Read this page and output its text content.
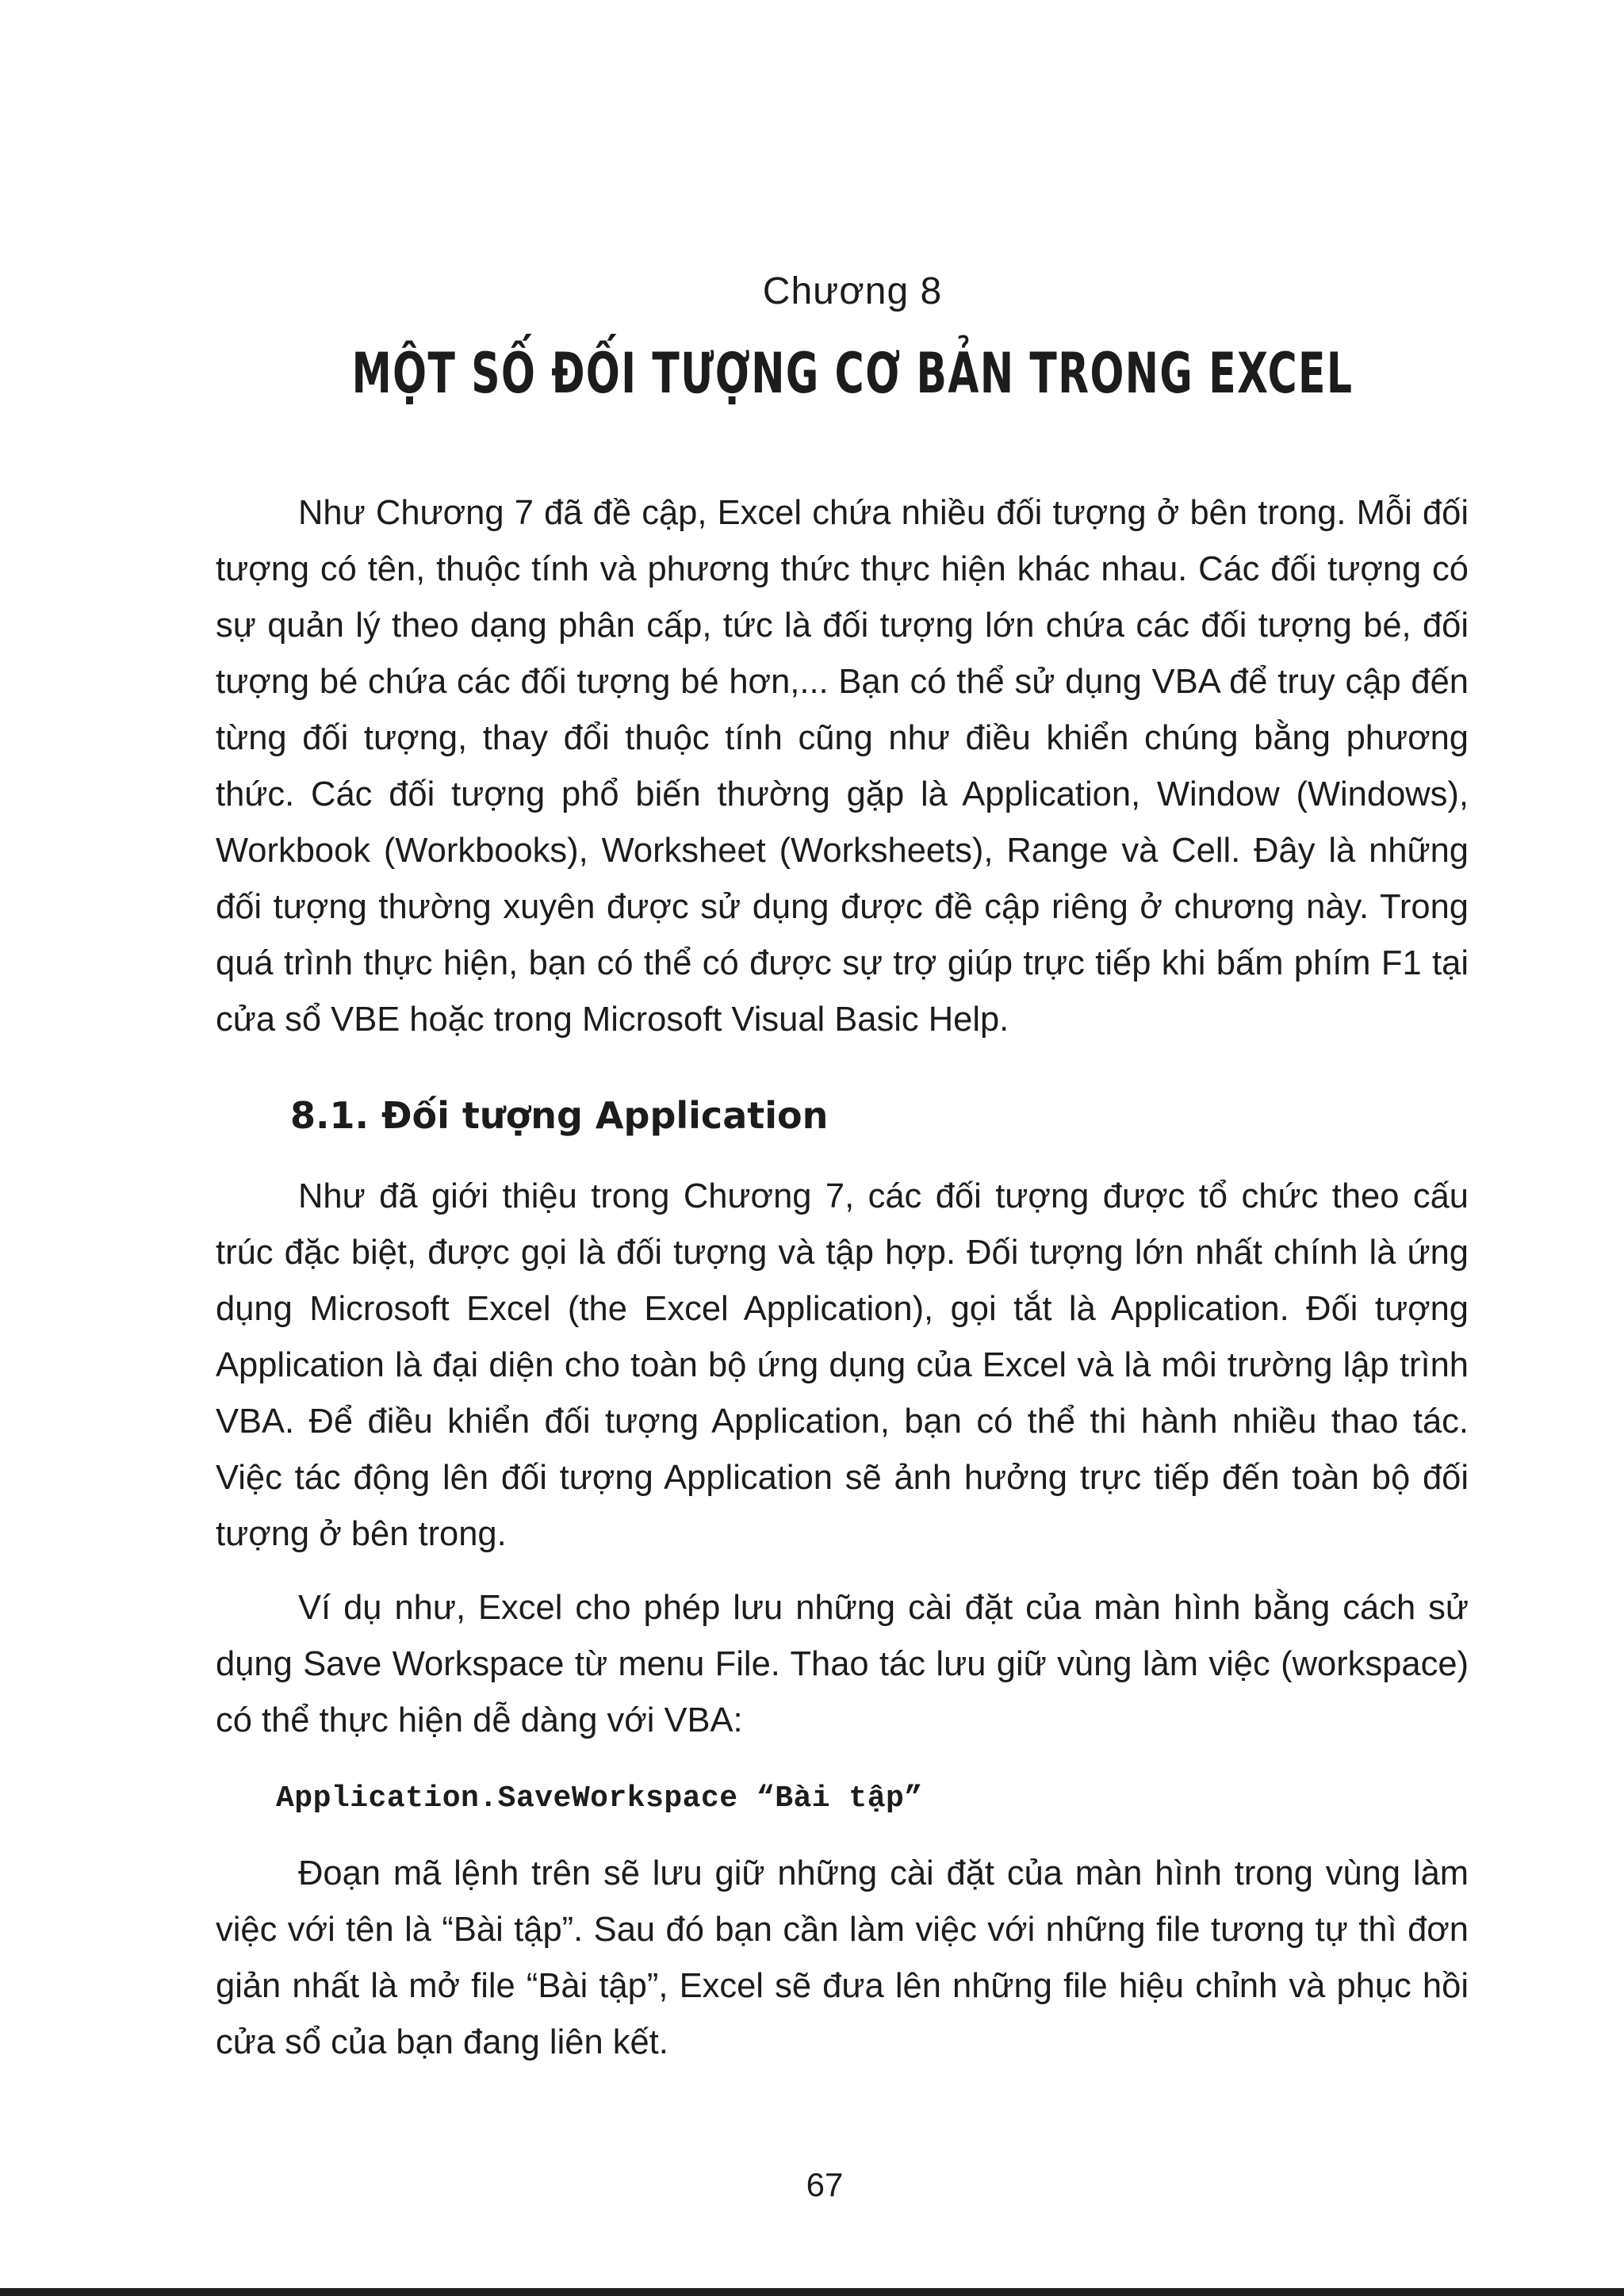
Chương 8
MỘT SỐ ĐỐI TƯỢNG CƠ BẢN TRONG EXCEL

Như Chương 7 đã đề cập, Excel chứa nhiều đối tượng ở bên trong. Mỗi đối tượng có tên, thuộc tính và phương thức thực hiện khác nhau. Các đối tượng có sự quản lý theo dạng phân cấp, tức là đối tượng lớn chứa các đối tượng bé, đối tượng bé chứa các đối tượng bé hơn,... Bạn có thể sử dụng VBA để truy cập đến từng đối tượng, thay đổi thuộc tính cũng như điều khiển chúng bằng phương thức. Các đối tượng phổ biến thường gặp là Application, Window (Windows), Workbook (Workbooks), Worksheet (Worksheets), Range và Cell. Đây là những đối tượng thường xuyên được sử dụng được đề cập riêng ở chương này. Trong quá trình thực hiện, bạn có thể có được sự trợ giúp trực tiếp khi bấm phím F1 tại cửa sổ VBE hoặc trong Microsoft Visual Basic Help.

8.1. Đối tượng Application

Như đã giới thiệu trong Chương 7, các đối tượng được tổ chức theo cấu trúc đặc biệt, được gọi là đối tượng và tập hợp. Đối tượng lớn nhất chính là ứng dụng Microsoft Excel (the Excel Application), gọi tắt là Application. Đối tượng Application là đại diện cho toàn bộ ứng dụng của Excel và là môi trường lập trình VBA. Để điều khiển đối tượng Application, bạn có thể thi hành nhiều thao tác. Việc tác động lên đối tượng Application sẽ ảnh hưởng trực tiếp đến toàn bộ đối tượng ở bên trong.

Ví dụ như, Excel cho phép lưu những cài đặt của màn hình bằng cách sử dụng Save Workspace từ menu File. Thao tác lưu giữ vùng làm việc (workspace) có thể thực hiện dễ dàng với VBA:

Application.SaveWorkspace “Bài tập”

Đoạn mã lệnh trên sẽ lưu giữ những cài đặt của màn hình trong vùng làm việc với tên là “Bài tập”. Sau đó bạn cần làm việc với những file tương tự thì đơn giản nhất là mở file “Bài tập”, Excel sẽ đưa lên những file hiệu chỉnh và phục hồi cửa sổ của bạn đang liên kết.

67
